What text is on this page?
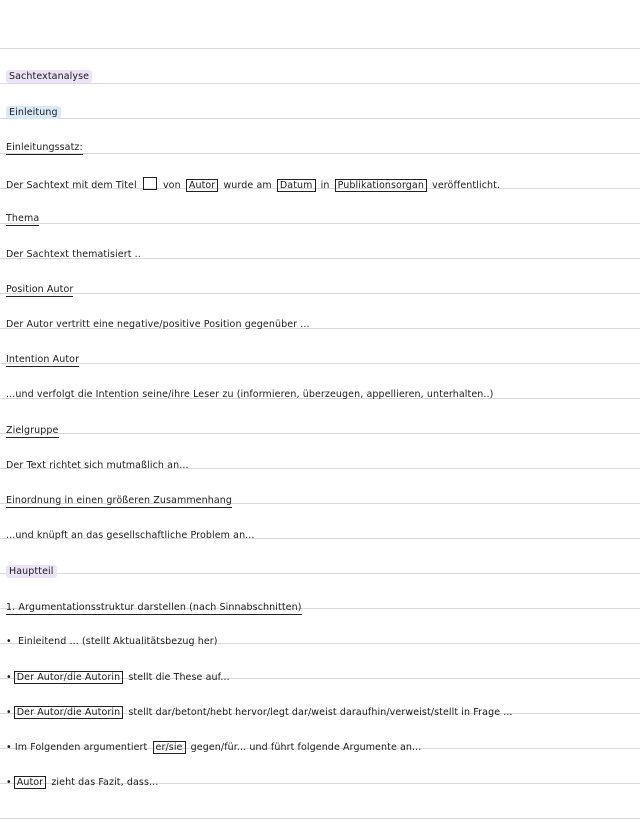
Sachtextanalyse
Einleitung
Einleitungssatz:
Der Sachtext mit dem Titel	von Autor wurde am Datum in Publikationsorgan veröffentlicht.
Thema
Der Sachtext thematisiert ..
Position Autor
Der Autor vertritt eine negative/positive Position gegenüber ...
Intention Autor
...und verfolgt die Intention seine/ihre Leser zu (informieren, überzeugen, appellieren, unterhalten..)
Zielgruppe
Der Text richtet sich mutmaßlich an...
Einordnung in einen größeren Zusammenhang
...und knüpft an das gesellschaftliche Problem an...
Hauptteil
1. Argumentationsstruktur darstellen (nach Sinnabschnitten)
•  Einleitend ... (stellt Aktualitätsbezug her)
• Der Autor/die Autorin stellt die These auf...
• Der Autor/die Autorin stellt dar/betont/hebt hervor/legt dar/weist daraufhin/verweist/stellt in Frage ...
• Im Folgenden argumentiert er/sie gegen/für... und führt folgende Argumente an...
• Autor zieht das Fazit, dass...
